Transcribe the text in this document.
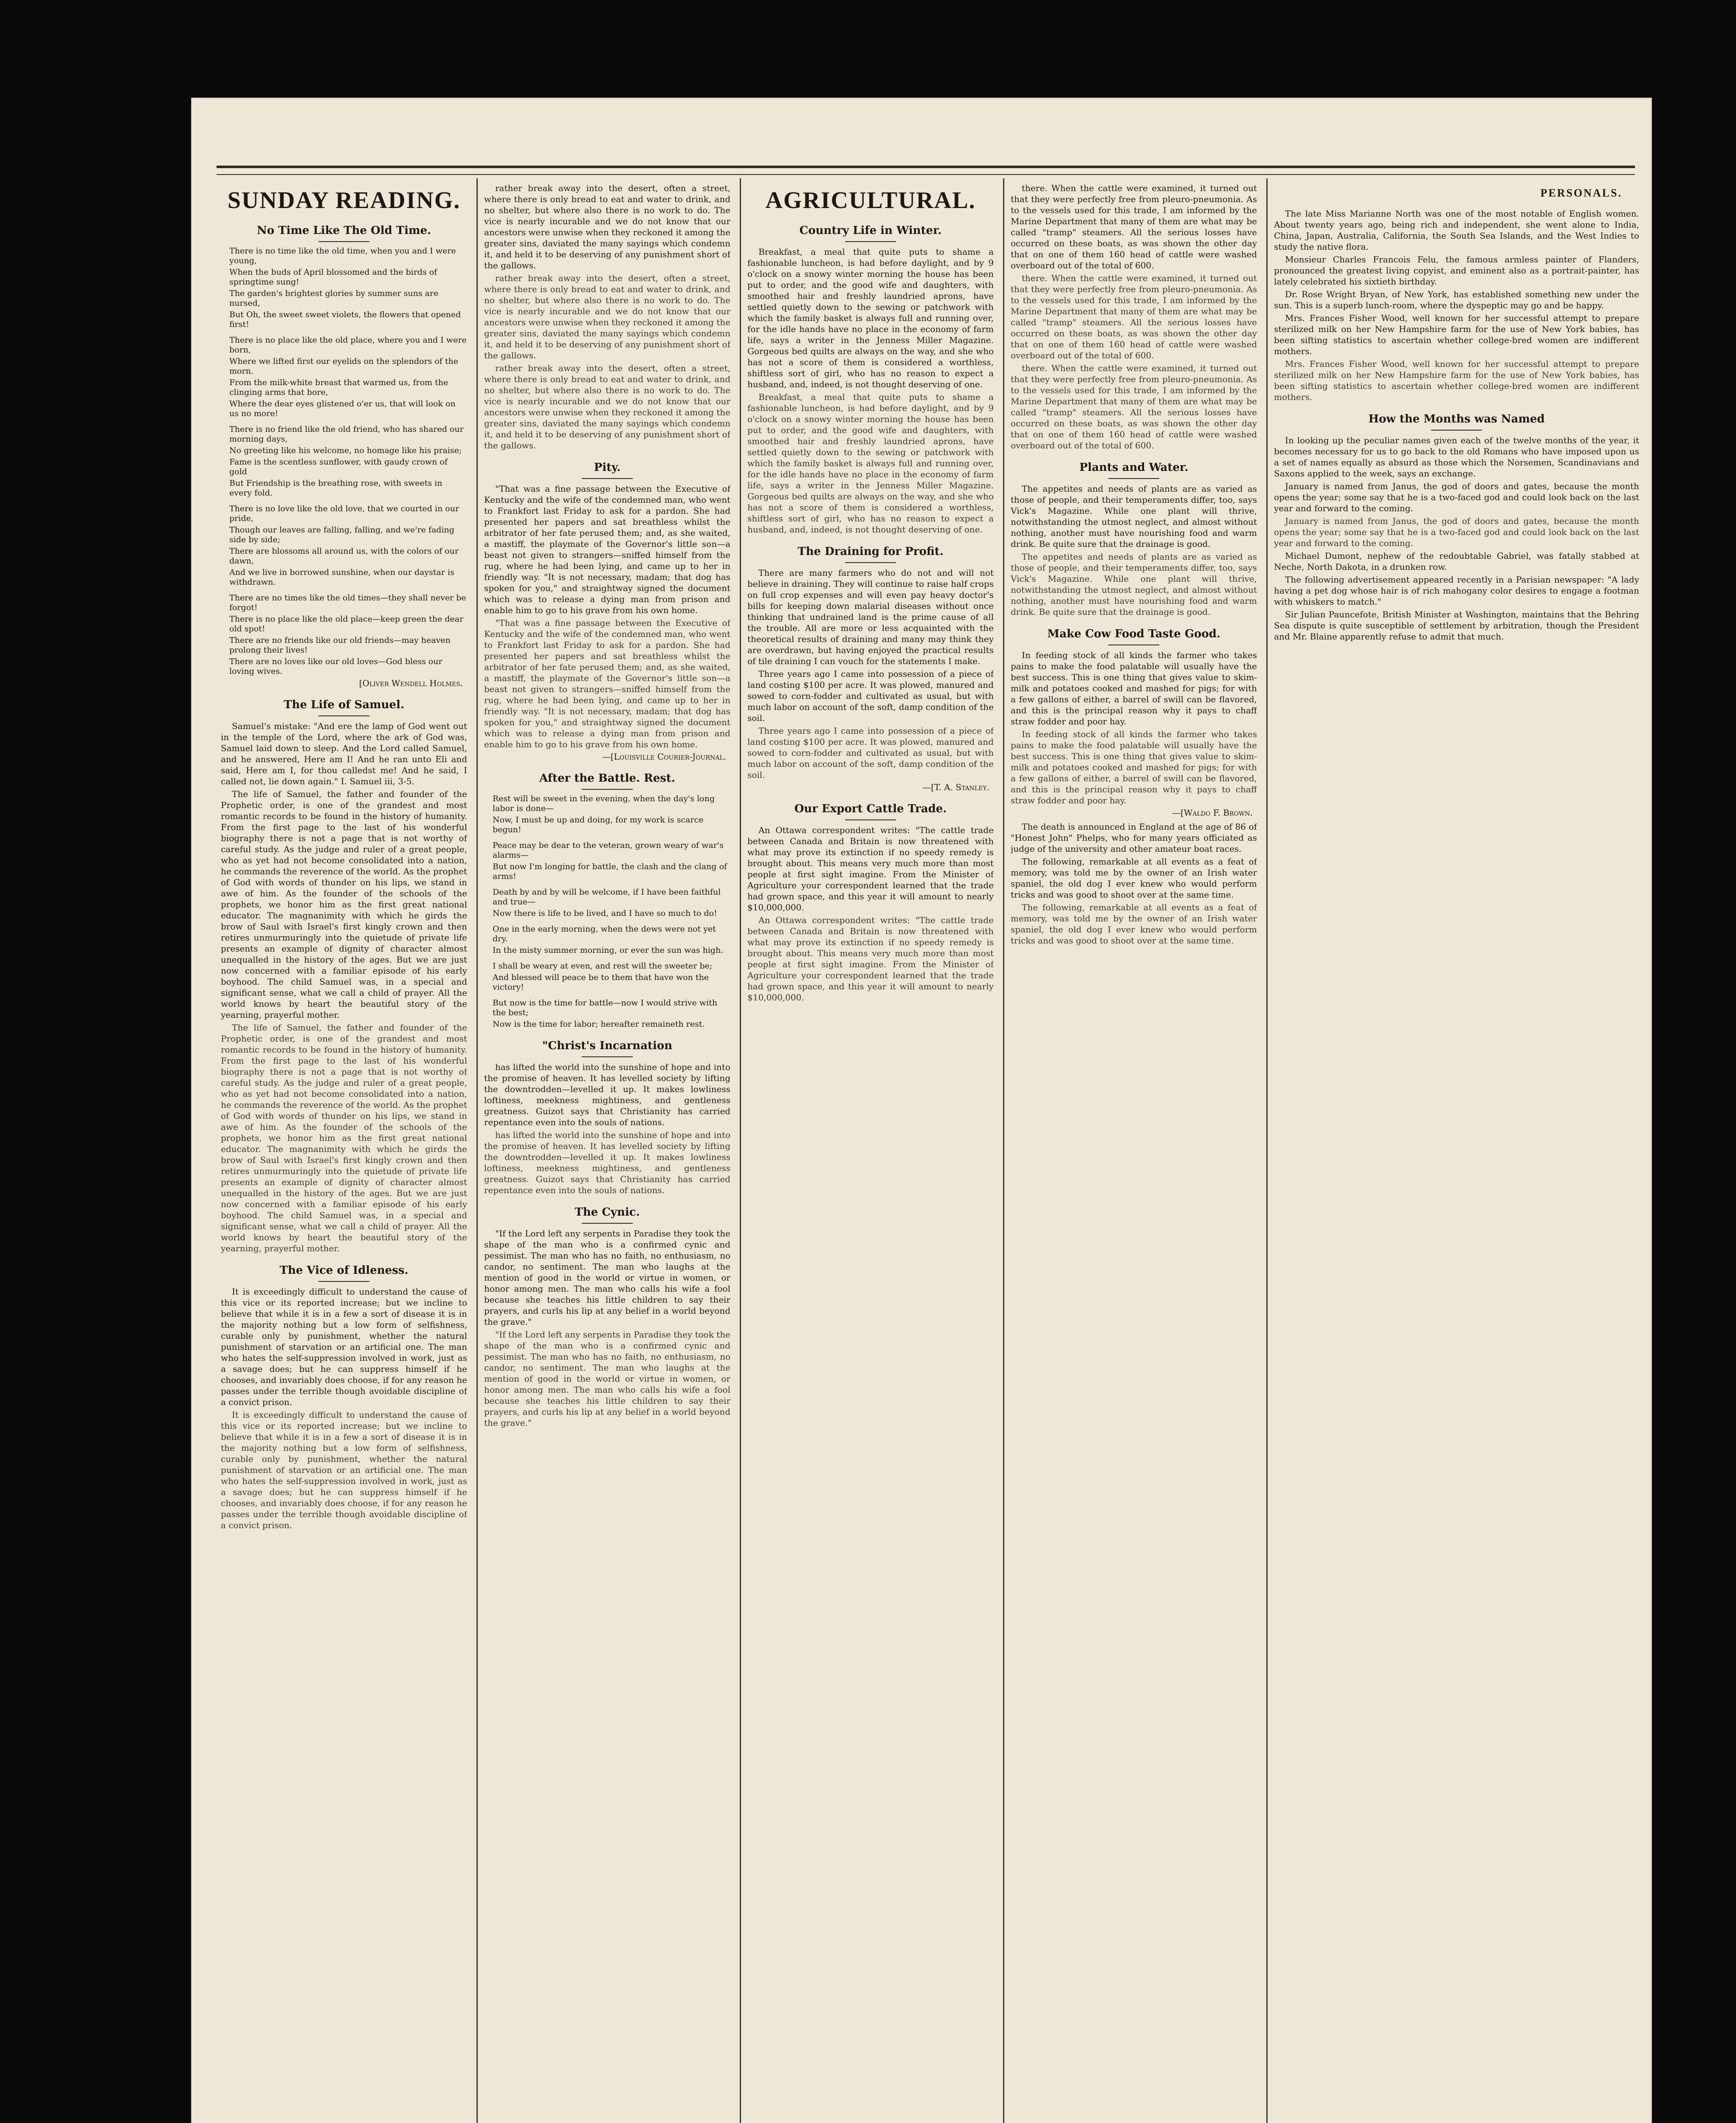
SUNDAY READING.
No Time Like The Old Time.

There is no time like the old time, when you and I were young,

When the buds of April blossomed and the birds of springtime sung!

The garden's brightest glories by summer suns are nursed,

But Oh, the sweet sweet violets, the flowers that opened first!

There is no place like the old place, where you and I were born,

Where we lifted first our eyelids on the splendors of the morn.

From the milk-white breast that warmed us, from the clinging arms that bore,

Where the dear eyes glistened o'er us, that will look on us no more!

There is no friend like the old friend, who has shared our morning days,

No greeting like his welcome, no homage like his praise;

Fame is the scentless sunflower, with gaudy crown of gold

But Friendship is the breathing rose, with sweets in every fold.

There is no love like the old love, that we courted in our pride,

Though our leaves are falling, falling, and we're fading side by side;

There are blossoms all around us, with the colors of our dawn,

And we live in borrowed sunshine, when our daystar is withdrawn.

There are no times like the old times—they shall never be forgot!

There is no place like the old place—keep green the dear old spot!

There are no friends like our old friends—may heaven prolong their lives!

There are no loves like our old loves—God bless our loving wives.

[Oliver Wendell Holmes.
The Life of Samuel.

Samuel's mistake: "And ere the lamp of God went out in the temple of the Lord, where the ark of God was, Samuel laid down to sleep. And the Lord called Samuel, and he answered, Here am I! And he ran unto Eli and said, Here am I, for thou calledst me! And he said, I called not, lie down again." I. Samuel iii, 3-5.

The life of Samuel, the father and founder of the Prophetic order, is one of the grandest and most romantic records to be found in the history of humanity. From the first page to the last of his wonderful biography there is not a page that is not worthy of careful study. As the judge and ruler of a great people, who as yet had not become consolidated into a nation, he commands the reverence of the world. As the prophet of God with words of thunder on his lips, we stand in awe of him. As the founder of the schools of the prophets, we honor him as the first great national educator. The magnanimity with which he girds the brow of Saul with Israel's first kingly crown and then retires unmurmuringly into the quietude of private life presents an example of dignity of character almost unequalled in the history of the ages. But we are just now concerned with a familiar episode of his early boyhood. The child Samuel was, in a special and significant sense, what we call a child of prayer. All the world knows by heart the beautiful story of the yearning, prayerful mother.

The life of Samuel, the father and founder of the Prophetic order, is one of the grandest and most romantic records to be found in the history of humanity. From the first page to the last of his wonderful biography there is not a page that is not worthy of careful study. As the judge and ruler of a great people, who as yet had not become consolidated into a nation, he commands the reverence of the world. As the prophet of God with words of thunder on his lips, we stand in awe of him. As the founder of the schools of the prophets, we honor him as the first great national educator. The magnanimity with which he girds the brow of Saul with Israel's first kingly crown and then retires unmurmuringly into the quietude of private life presents an example of dignity of character almost unequalled in the history of the ages. But we are just now concerned with a familiar episode of his early boyhood. The child Samuel was, in a special and significant sense, what we call a child of prayer. All the world knows by heart the beautiful story of the yearning, prayerful mother.

The Vice of Idleness.

It is exceedingly difficult to understand the cause of this vice or its reported increase; but we incline to believe that while it is in a few a sort of disease it is in the majority nothing but a low form of selfishness, curable only by punishment, whether the natural punishment of starvation or an artificial one. The man who hates the self-suppression involved in work, just as a savage does; but he can suppress himself if he chooses, and invariably does choose, if for any reason he passes under the terrible though avoidable discipline of a convict prison.

It is exceedingly difficult to understand the cause of this vice or its reported increase; but we incline to believe that while it is in a few a sort of disease it is in the majority nothing but a low form of selfishness, curable only by punishment, whether the natural punishment of starvation or an artificial one. The man who hates the self-suppression involved in work, just as a savage does; but he can suppress himself if he chooses, and invariably does choose, if for any reason he passes under the terrible though avoidable discipline of a convict prison.

rather break away into the desert, often a street, where there is only bread to eat and water to drink, and no shelter, but where also there is no work to do. The vice is nearly incurable and we do not know that our ancestors were unwise when they reckoned it among the greater sins, daviated the many sayings which condemn it, and held it to be deserving of any punishment short of the gallows.

rather break away into the desert, often a street, where there is only bread to eat and water to drink, and no shelter, but where also there is no work to do. The vice is nearly incurable and we do not know that our ancestors were unwise when they reckoned it among the greater sins, daviated the many sayings which condemn it, and held it to be deserving of any punishment short of the gallows.

rather break away into the desert, often a street, where there is only bread to eat and water to drink, and no shelter, but where also there is no work to do. The vice is nearly incurable and we do not know that our ancestors were unwise when they reckoned it among the greater sins, daviated the many sayings which condemn it, and held it to be deserving of any punishment short of the gallows.

Pity.

"That was a fine passage between the Executive of Kentucky and the wife of the condemned man, who went to Frankfort last Friday to ask for a pardon. She had presented her papers and sat breathless whilst the arbitrator of her fate perused them; and, as she waited, a mastiff, the playmate of the Governor's little son—a beast not given to strangers—sniffed himself from the rug, where he had been lying, and came up to her in friendly way. "It is not necessary, madam; that dog has spoken for you," and straightway signed the document which was to release a dying man from prison and enable him to go to his grave from his own home.

"That was a fine passage between the Executive of Kentucky and the wife of the condemned man, who went to Frankfort last Friday to ask for a pardon. She had presented her papers and sat breathless whilst the arbitrator of her fate perused them; and, as she waited, a mastiff, the playmate of the Governor's little son—a beast not given to strangers—sniffed himself from the rug, where he had been lying, and came up to her in friendly way. "It is not necessary, madam; that dog has spoken for you," and straightway signed the document which was to release a dying man from prison and enable him to go to his grave from his own home.

—[Louisville Courier-Journal.
After the Battle. Rest.

Rest will be sweet in the evening, when the day's long labor is done—

Now, I must be up and doing, for my work is scarce begun!

Peace may be dear to the veteran, grown weary of war's alarms—

But now I'm longing for battle, the clash and the clang of arms!

Death by and by will be welcome, if I have been faithful and true—

Now there is life to be lived, and I have so much to do!

One in the early morning, when the dews were not yet dry.

In the misty summer morning, or ever the sun was high.

I shall be weary at even, and rest will the sweeter be;

And blessed will peace be to them that have won the victory!

But now is the time for battle—now I would strive with the best;

Now is the time for labor; hereafter remaineth rest.

"Christ's Incarnation

has lifted the world into the sunshine of hope and into the promise of heaven. It has levelled society by lifting the downtrodden—levelled it up. It makes lowliness loftiness, meekness mightiness, and gentleness greatness. Guizot says that Christianity has carried repentance even into the souls of nations.

has lifted the world into the sunshine of hope and into the promise of heaven. It has levelled society by lifting the downtrodden—levelled it up. It makes lowliness loftiness, meekness mightiness, and gentleness greatness. Guizot says that Christianity has carried repentance even into the souls of nations.

The Cynic.

"If the Lord left any serpents in Paradise they took the shape of the man who is a confirmed cynic and pessimist. The man who has no faith, no enthusiasm, no candor, no sentiment. The man who laughs at the mention of good in the world or virtue in women, or honor among men. The man who calls his wife a fool because she teaches his little children to say their prayers, and curls his lip at any belief in a world beyond the grave."

"If the Lord left any serpents in Paradise they took the shape of the man who is a confirmed cynic and pessimist. The man who has no faith, no enthusiasm, no candor, no sentiment. The man who laughs at the mention of good in the world or virtue in women, or honor among men. The man who calls his wife a fool because she teaches his little children to say their prayers, and curls his lip at any belief in a world beyond the grave."

AGRICULTURAL.
Country Life in Winter.

Breakfast, a meal that quite puts to shame a fashionable luncheon, is had before daylight, and by 9 o'clock on a snowy winter morning the house has been put to order, and the good wife and daughters, with smoothed hair and freshly laundried aprons, have settled quietly down to the sewing or patchwork with which the family basket is always full and running over, for the idle hands have no place in the economy of farm life, says a writer in the Jenness Miller Magazine. Gorgeous bed quilts are always on the way, and she who has not a score of them is considered a worthless, shiftless sort of girl, who has no reason to expect a husband, and, indeed, is not thought deserving of one.

Breakfast, a meal that quite puts to shame a fashionable luncheon, is had before daylight, and by 9 o'clock on a snowy winter morning the house has been put to order, and the good wife and daughters, with smoothed hair and freshly laundried aprons, have settled quietly down to the sewing or patchwork with which the family basket is always full and running over, for the idle hands have no place in the economy of farm life, says a writer in the Jenness Miller Magazine. Gorgeous bed quilts are always on the way, and she who has not a score of them is considered a worthless, shiftless sort of girl, who has no reason to expect a husband, and, indeed, is not thought deserving of one.

The Draining for Profit.

There are many farmers who do not and will not believe in draining. They will continue to raise half crops on full crop expenses and will even pay heavy doctor's bills for keeping down malarial diseases without once thinking that undrained land is the prime cause of all the trouble. All are more or less acquainted with the theoretical results of draining and many may think they are overdrawn, but having enjoyed the practical results of tile draining I can vouch for the statements I make.

Three years ago I came into possession of a piece of land costing $100 per acre. It was plowed, manured and sowed to corn-fodder and cultivated as usual, but with much labor on account of the soft, damp condition of the soil.

Three years ago I came into possession of a piece of land costing $100 per acre. It was plowed, manured and sowed to corn-fodder and cultivated as usual, but with much labor on account of the soft, damp condition of the soil.

—[T. A. Stanley.
Our Export Cattle Trade.

An Ottawa correspondent writes: "The cattle trade between Canada and Britain is now threatened with what may prove its extinction if no speedy remedy is brought about. This means very much more than most people at first sight imagine. From the Minister of Agriculture your correspondent learned that the trade had grown space, and this year it will amount to nearly $10,000,000.

An Ottawa correspondent writes: "The cattle trade between Canada and Britain is now threatened with what may prove its extinction if no speedy remedy is brought about. This means very much more than most people at first sight imagine. From the Minister of Agriculture your correspondent learned that the trade had grown space, and this year it will amount to nearly $10,000,000.

there. When the cattle were examined, it turned out that they were perfectly free from pleuro-pneumonia. As to the vessels used for this trade, I am informed by the Marine Department that many of them are what may be called "tramp" steamers. All the serious losses have occurred on these boats, as was shown the other day that on one of them 160 head of cattle were washed overboard out of the total of 600.

there. When the cattle were examined, it turned out that they were perfectly free from pleuro-pneumonia. As to the vessels used for this trade, I am informed by the Marine Department that many of them are what may be called "tramp" steamers. All the serious losses have occurred on these boats, as was shown the other day that on one of them 160 head of cattle were washed overboard out of the total of 600.

there. When the cattle were examined, it turned out that they were perfectly free from pleuro-pneumonia. As to the vessels used for this trade, I am informed by the Marine Department that many of them are what may be called "tramp" steamers. All the serious losses have occurred on these boats, as was shown the other day that on one of them 160 head of cattle were washed overboard out of the total of 600.

Plants and Water.

The appetites and needs of plants are as varied as those of people, and their temperaments differ, too, says Vick's Magazine. While one plant will thrive, notwithstanding the utmost neglect, and almost without nothing, another must have nourishing food and warm drink. Be quite sure that the drainage is good.

The appetites and needs of plants are as varied as those of people, and their temperaments differ, too, says Vick's Magazine. While one plant will thrive, notwithstanding the utmost neglect, and almost without nothing, another must have nourishing food and warm drink. Be quite sure that the drainage is good.

Make Cow Food Taste Good.

In feeding stock of all kinds the farmer who takes pains to make the food palatable will usually have the best success. This is one thing that gives value to skim-milk and potatoes cooked and mashed for pigs; for with a few gallons of either, a barrel of swill can be flavored, and this is the principal reason why it pays to chaff straw fodder and poor hay.

In feeding stock of all kinds the farmer who takes pains to make the food palatable will usually have the best success. This is one thing that gives value to skim-milk and potatoes cooked and mashed for pigs; for with a few gallons of either, a barrel of swill can be flavored, and this is the principal reason why it pays to chaff straw fodder and poor hay.

—[Waldo F. Brown.

The death is announced in England at the age of 86 of "Honest John" Phelps, who for many years officiated as judge of the university and other amateur boat races.

The following, remarkable at all events as a feat of memory, was told me by the owner of an Irish water spaniel, the old dog I ever knew who would perform tricks and was good to shoot over at the same time.

The following, remarkable at all events as a feat of memory, was told me by the owner of an Irish water spaniel, the old dog I ever knew who would perform tricks and was good to shoot over at the same time.

PERSONALS.

The late Miss Marianne North was one of the most notable of English women. About twenty years ago, being rich and independent, she went alone to India, China, Japan, Australia, California, the South Sea Islands, and the West Indies to study the native flora.

Monsieur Charles Francois Felu, the famous armless painter of Flanders, pronounced the greatest living copyist, and eminent also as a portrait-painter, has lately celebrated his sixtieth birthday.

Dr. Rose Wright Bryan, of New York, has established something new under the sun. This is a superb lunch-room, where the dyspeptic may go and be happy.

Mrs. Frances Fisher Wood, well known for her successful attempt to prepare sterilized milk on her New Hampshire farm for the use of New York babies, has been sifting statistics to ascertain whether college-bred women are indifferent mothers.

Mrs. Frances Fisher Wood, well known for her successful attempt to prepare sterilized milk on her New Hampshire farm for the use of New York babies, has been sifting statistics to ascertain whether college-bred women are indifferent mothers.

How the Months was Named

In looking up the peculiar names given each of the twelve months of the year, it becomes necessary for us to go back to the old Romans who have imposed upon us a set of names equally as absurd as those which the Norsemen, Scandinavians and Saxons applied to the week, says an exchange.

January is named from Janus, the god of doors and gates, because the month opens the year; some say that he is a two-faced god and could look back on the last year and forward to the coming.

January is named from Janus, the god of doors and gates, because the month opens the year; some say that he is a two-faced god and could look back on the last year and forward to the coming.

Michael Dumont, nephew of the redoubtable Gabriel, was fatally stabbed at Neche, North Dakota, in a drunken row.

The following advertisement appeared recently in a Parisian newspaper: "A lady having a pet dog whose hair is of rich mahogany color desires to engage a footman with whiskers to match."

Sir Julian Pauncefote, British Minister at Washington, maintains that the Behring Sea dispute is quite susceptible of settlement by arbitration, though the President and Mr. Blaine apparently refuse to admit that much.
